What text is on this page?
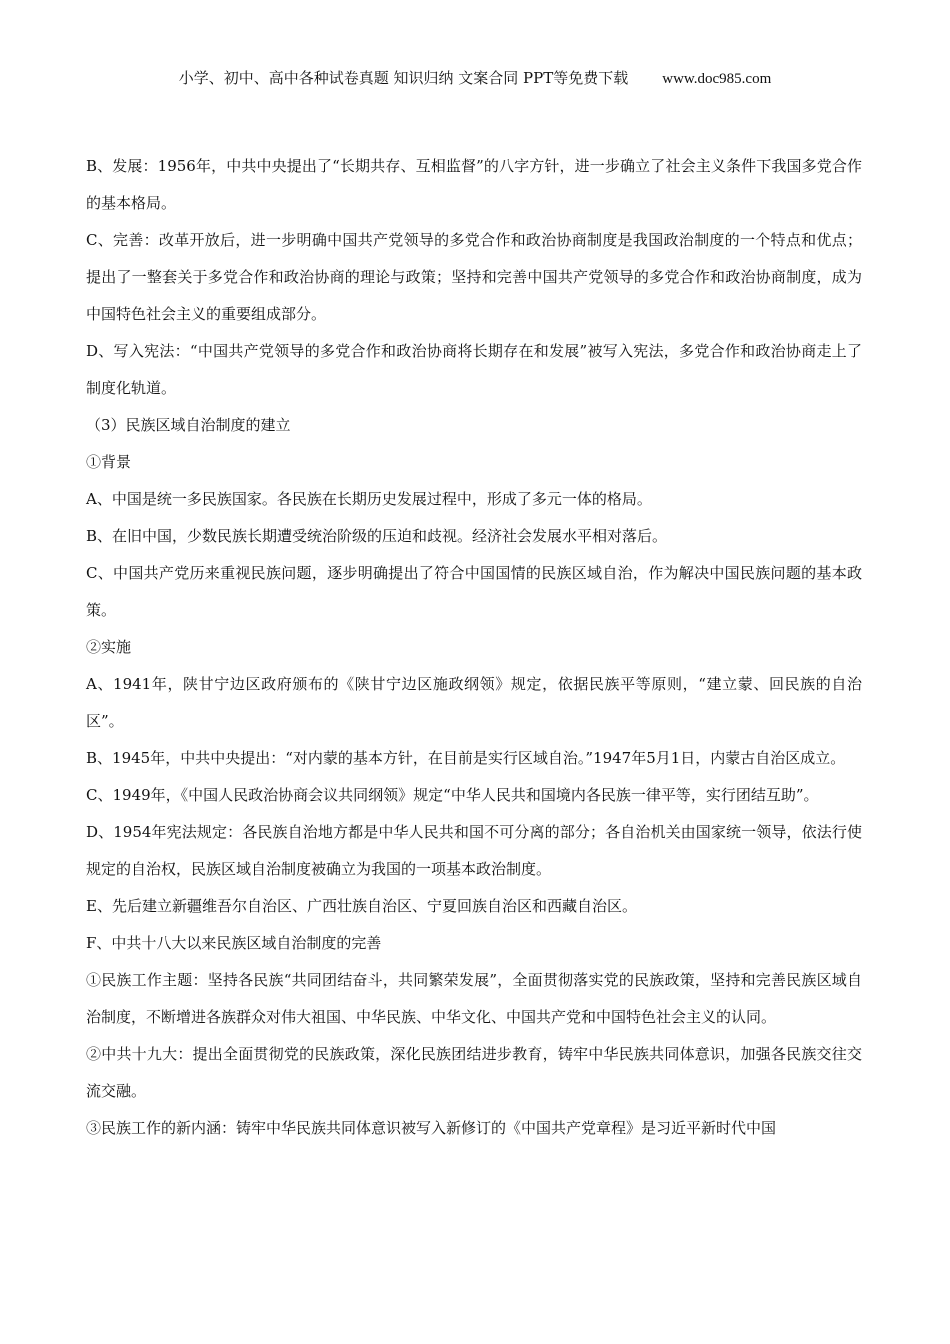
小学、初中、高中各种试卷真题 知识归纳 文案合同 PPT等免费下载 www.doc985.com

B、发展：1956年，中共中央提出了“长期共存、互相监督”的八字方针，进一步确立了社会主义条件下我国多党合作的基本格局。

C、完善：改革开放后，进一步明确中国共产党领导的多党合作和政治协商制度是我国政治制度的一个特点和优点；提出了一整套关于多党合作和政治协商的理论与政策；坚持和完善中国共产党领导的多党合作和政治协商制度，成为中国特色社会主义的重要组成部分。

D、写入宪法：“中国共产党领导的多党合作和政治协商将长期存在和发展”被写入宪法，多党合作和政治协商走上了制度化轨道。

（3）民族区域自治制度的建立

①背景

A、中国是统一多民族国家。各民族在长期历史发展过程中，形成了多元一体的格局。

B、在旧中国，少数民族长期遭受统治阶级的压迫和歧视。经济社会发展水平相对落后。

C、中国共产党历来重视民族问题，逐步明确提出了符合中国国情的民族区域自治，作为解决中国民族问题的基本政策。

②实施

A、1941年，陕甘宁边区政府颁布的《陕甘宁边区施政纲领》规定，依据民族平等原则，“建立蒙、回民族的自治区”。

B、1945年，中共中央提出：“对内蒙的基本方针，在目前是实行区域自治。”1947年5月1日，内蒙古自治区成立。

C、1949年，《中国人民政治协商会议共同纲领》规定“中华人民共和国境内各民族一律平等，实行团结互助”。

D、1954年宪法规定：各民族自治地方都是中华人民共和国不可分离的部分；各自治机关由国家统一领导，依法行使规定的自治权，民族区域自治制度被确立为我国的一项基本政治制度。

E、先后建立新疆维吾尔自治区、广西壮族自治区、宁夏回族自治区和西藏自治区。

F、中共十八大以来民族区域自治制度的完善

①民族工作主题：坚持各民族“共同团结奋斗，共同繁荣发展”，全面贯彻落实党的民族政策，坚持和完善民族区域自治制度，不断增进各族群众对伟大祖国、中华民族、中华文化、中国共产党和中国特色社会主义的认同。

②中共十九大：提出全面贯彻党的民族政策，深化民族团结进步教育，铸牢中华民族共同体意识，加强各民族交往交流交融。

③民族工作的新内涵：铸牢中华民族共同体意识被写入新修订的《中国共产党章程》是习近平新时代中国
